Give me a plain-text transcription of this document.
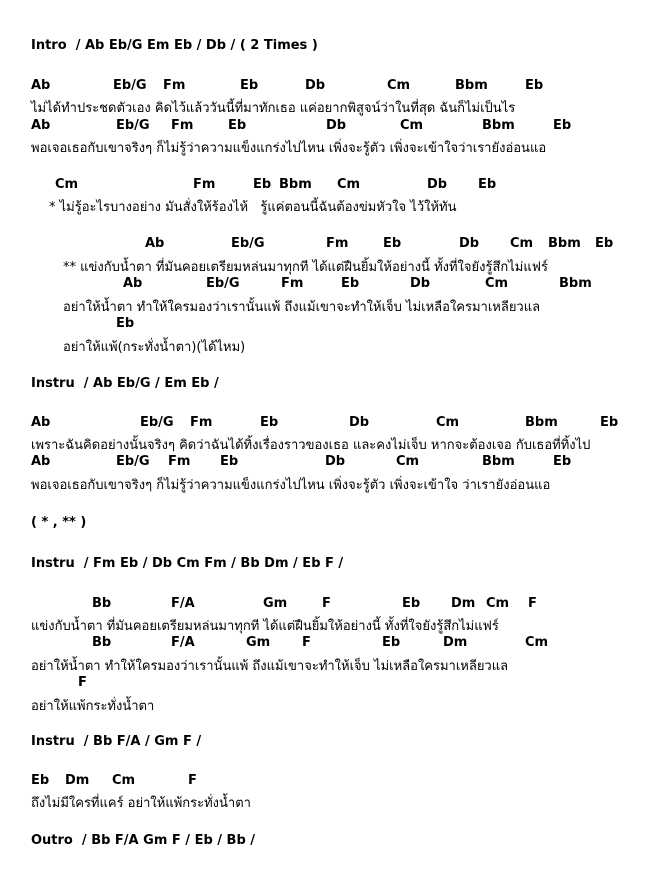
Intro  / Ab Eb/G Em Eb / Db / ( 2 Times )

Ab

	Eb/G

Fm

	Eb

	Db

	Cm

	Bbm

	Eb

ไม่ได้ทำประชดตัวเอง คิดไว้แล้ววันนี้ที่มาทักเธอ แค่อยากพิสูจน์ว่าในที่สุด ฉันก็ไม่เป็นไร

Ab

	Eb/G

Fm

	Eb

	Db

	Cm

	Bbm

	Eb

พอเจอเธอกับเขาจริงๆ ก็ไม่รู้ว่าความแข็งแกร่งไปไหน เพิ่งจะรู้ตัว เพิ่งจะเข้าใจว่าเรายังอ่อนแอ

Cm

	Fm

	Eb

Bbm

Cm

	Db

Eb

* ไม่รู้อะไรบางอย่าง มันสั่งให้ร้องไห้   รู้แค่ตอนนี้ฉันต้องข่มหัวใจ ไว้ให้ทัน

Ab

	Eb/G

	Fm

	Eb

	Db

Cm

Bbm

Eb

** แข่งกับน้ำตา ที่มันคอยเตรียมหล่นมาทุกที ได้แต่ฝืนยิ้มให้อย่างนี้ ทั้งที่ใจยังรู้สึกไม่แฟร์

Ab

	Eb/G

	Fm

	Eb

	Db

	Cm

	Bbm

อย่าให้น้ำตา ทำให้ใครมองว่าเรานั้นแพ้ ถึงแม้เขาจะทำให้เจ็บ ไม่เหลือใครมาเหลียวแล

Eb

อย่าให้แพ้(กระทั่งน้ำตา)(ได้ไหม)
Instru  / Ab Eb/G / Em Eb /

Ab

	Eb/G

Fm

	Eb

	Db

	Cm

	Bbm

	Eb

เพราะฉันคิดอย่างนั้นจริงๆ คิดว่าฉันได้ทิ้งเรื่องราวของเธอ และคงไม่เจ็บ หากจะต้องเจอ กับเธอที่ทิ้งไป

Ab

	Eb/G

Fm

Eb

	Db

	Cm

	Bbm

	Eb

พอเจอเธอกับเขาจริงๆ ก็ไม่รู้ว่าความแข็งแกร่งไปไหน เพิ่งจะรู้ตัว เพิ่งจะเข้าใจ ว่าเรายังอ่อนแอ
( * , ** )
Instru  / Fm Eb / Db Cm Fm / Bb Dm / Eb F /

Bb

	F/A

	Gm

	F

	Eb

Dm

Cm

F

แข่งกับน้ำตา ที่มันคอยเตรียมหล่นมาทุกที ได้แต่ฝืนยิ้มให้อย่างนี้ ทั้งที่ใจยังรู้สึกไม่แฟร์

Bb

	F/A

	Gm

F

	Eb

	Dm

	Cm

อย่าให้น้ำตา ทำให้ใครมองว่าเรานั้นแพ้ ถึงแม้เขาจะทำให้เจ็บ ไม่เหลือใครมาเหลียวแล

F

อย่าให้แพ้กระทั่งน้ำตา
Instru  / Bb F/A / Gm F /

Eb

Dm

Cm

	F

ถึงไม่มีใครที่แคร์ อย่าให้แพ้กระทั่งน้ำตา
Outro  / Bb F/A Gm F / Eb / Bb /
